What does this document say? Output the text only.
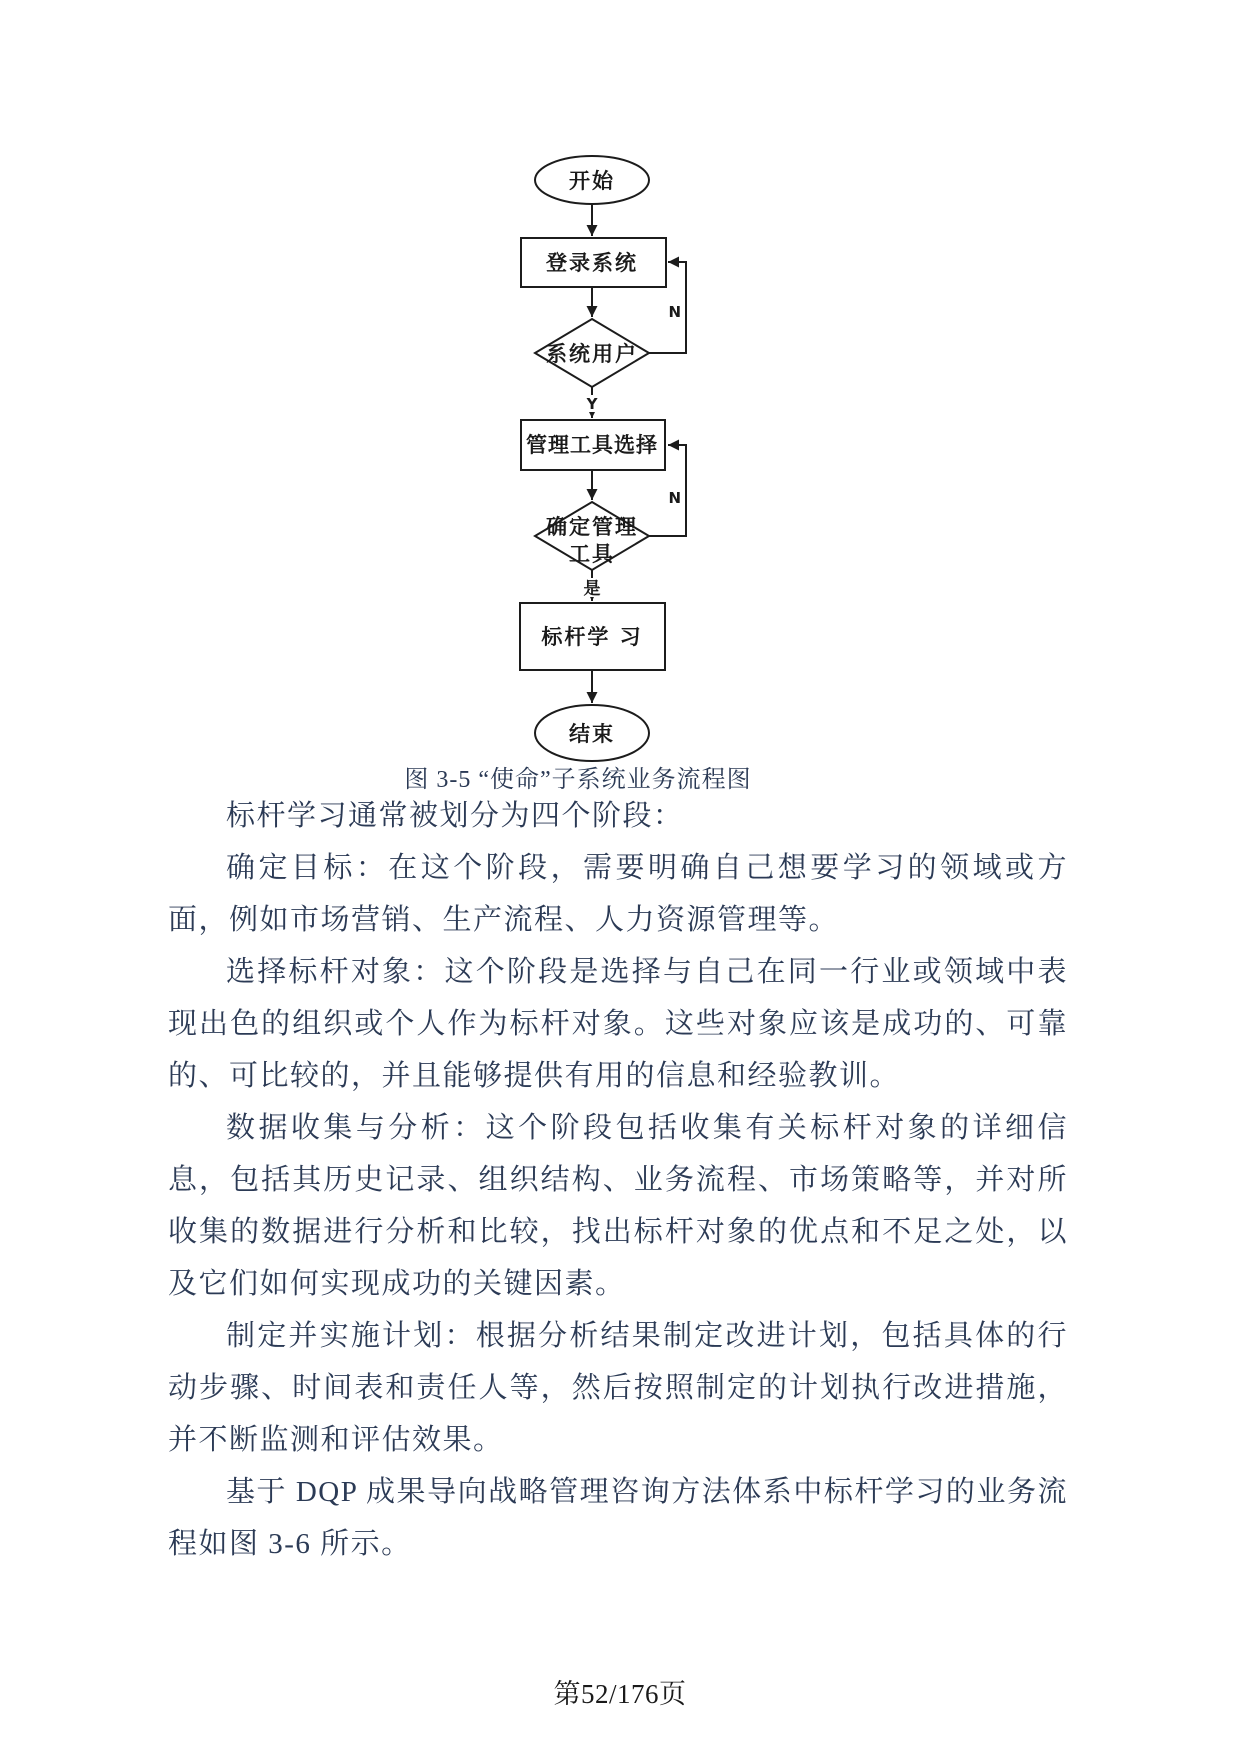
开始
登录系统
系统用户
管理工具选择
确定管理
工具
标杆学 习
结束
N
Y
N
是
图 3-5 “使命”子系统业务流程图

标杆学习通常被划分为四个阶段：

确定目标：在这个阶段，需要明确自己想要学习的领域或方面，例如市场营销、生产流程、人力资源管理等。

选择标杆对象：这个阶段是选择与自己在同一行业或领域中表现出色的组织或个人作为标杆对象。这些对象应该是成功的、可靠的、可比较的，并且能够提供有用的信息和经验教训。

数据收集与分析：这个阶段包括收集有关标杆对象的详细信息，包括其历史记录、组织结构、业务流程、市场策略等，并对所收集的数据进行分析和比较，找出标杆对象的优点和不足之处，以及它们如何实现成功的关键因素。

制定并实施计划：根据分析结果制定改进计划，包括具体的行动步骤、时间表和责任人等，然后按照制定的计划执行改进措施，并不断监测和评估效果。

基于 DQP 成果导向战略管理咨询方法体系中标杆学习的业务流程如图 3-6 所示。

第52/176页
